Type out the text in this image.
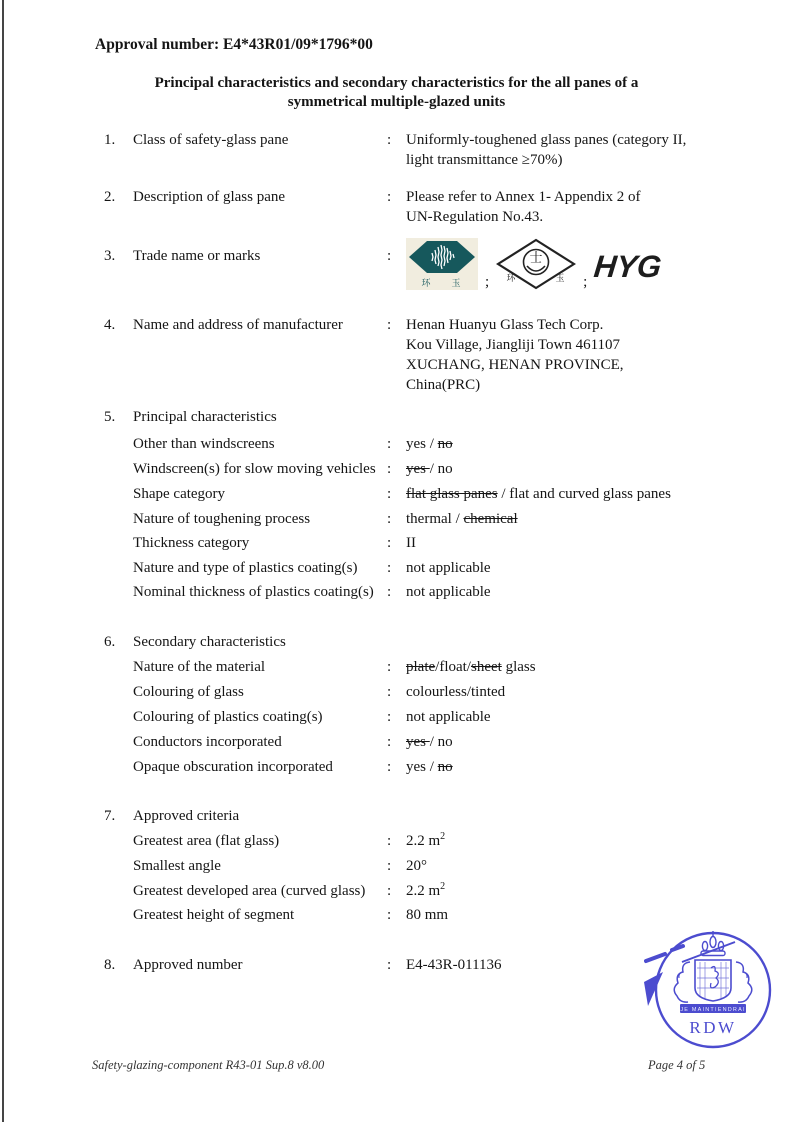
Approval number: E4*43R01/09*1796*00
Principal characteristics and secondary characteristics for the all panes of a
symmetrical multiple-glazed units
1.	Class of safety-glass pane	: Uniformly-toughened glass panes (category II,
light transmittance ≥70%)
2.	Description of glass pane	: Please refer to Annex 1- Appendix 2 of
UN-Regulation No.43.
3.	Trade name or marks	:
环 玉 ;
士
环	玉 ; HYG
4.	Name and address of manufacturer	: Henan Huanyu Glass Tech Corp.
Kou Village, Jiangliji Town 461107
XUCHANG, HENAN PROVINCE,
China(PRC)
5.	Principal characteristics
Other than windscreens	: yes / no
Windscreen(s) for slow moving vehicles : yes / no
Shape category	: flat glass panes / flat and curved glass panes
Nature of toughening process	: thermal / chemical
Thickness category	: II
Nature and type of plastics coating(s)	: not applicable
Nominal thickness of plastics coating(s) : not applicable
6.	Secondary characteristics
Nature of the material	: plate/float/sheet glass
Colouring of glass	: colourless/tinted
Colouring of plastics coating(s)	: not applicable
Conductors incorporated	: yes / no
Opaque obscuration incorporated	: yes / no
7.	Approved criteria
Greatest area (flat glass)	: 2.2 $m^2$
Smallest angle	: 20°
Greatest developed area (curved glass)	: 2.2 $m^2$
Greatest height of segment	: 80 mm
8.	Approved number	: E4-43R-011136
JE MAINTIENDRAI
RDW
Safety-glazing-component R43-01 Sup.8 v8.00	Page 4 of 5
